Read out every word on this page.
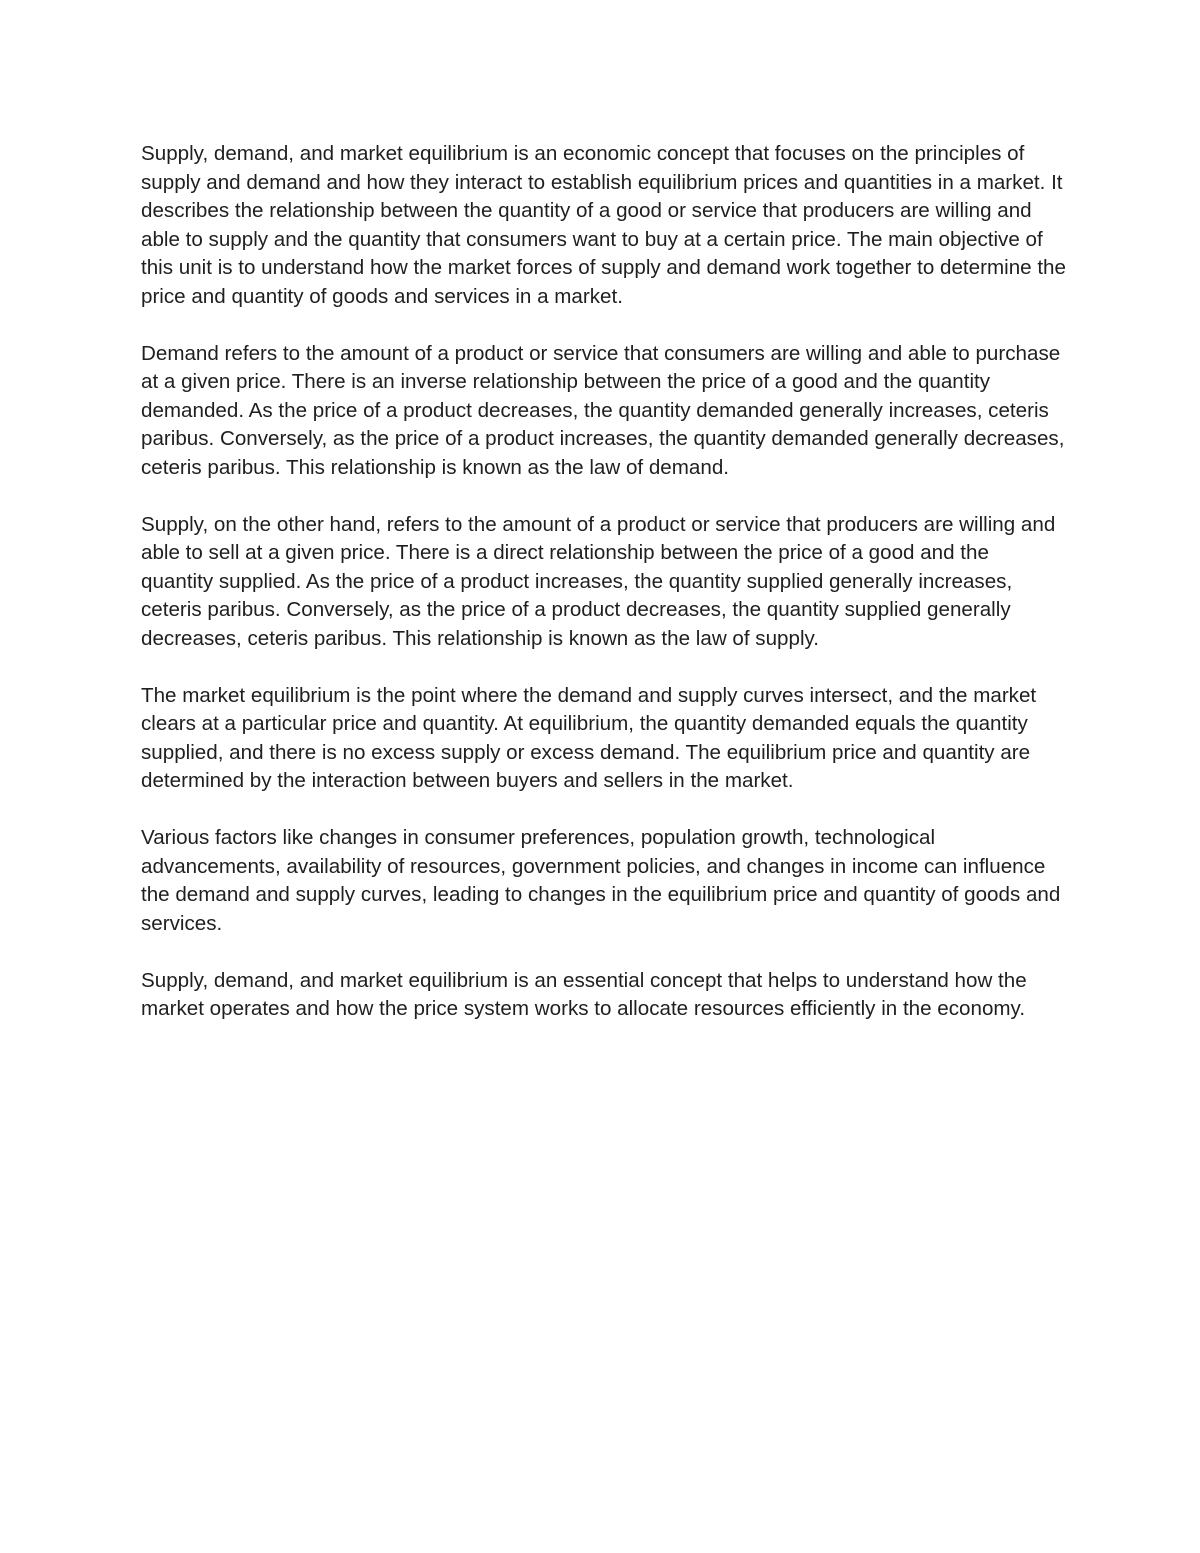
Supply, demand, and market equilibrium is an economic concept that focuses on the principles of supply and demand and how they interact to establish equilibrium prices and quantities in a market. It describes the relationship between the quantity of a good or service that producers are willing and able to supply and the quantity that consumers want to buy at a certain price. The main objective of this unit is to understand how the market forces of supply and demand work together to determine the price and quantity of goods and services in a market.

Demand refers to the amount of a product or service that consumers are willing and able to purchase at a given price. There is an inverse relationship between the price of a good and the quantity demanded. As the price of a product decreases, the quantity demanded generally increases, ceteris paribus. Conversely, as the price of a product increases, the quantity demanded generally decreases, ceteris paribus. This relationship is known as the law of demand.

Supply, on the other hand, refers to the amount of a product or service that producers are willing and able to sell at a given price. There is a direct relationship between the price of a good and the quantity supplied. As the price of a product increases, the quantity supplied generally increases, ceteris paribus. Conversely, as the price of a product decreases, the quantity supplied generally decreases, ceteris paribus. This relationship is known as the law of supply.

The market equilibrium is the point where the demand and supply curves intersect, and the market clears at a particular price and quantity. At equilibrium, the quantity demanded equals the quantity supplied, and there is no excess supply or excess demand. The equilibrium price and quantity are determined by the interaction between buyers and sellers in the market.

Various factors like changes in consumer preferences, population growth, technological advancements, availability of resources, government policies, and changes in income can influence the demand and supply curves, leading to changes in the equilibrium price and quantity of goods and services.

Supply, demand, and market equilibrium is an essential concept that helps to understand how the market operates and how the price system works to allocate resources efficiently in the economy.
